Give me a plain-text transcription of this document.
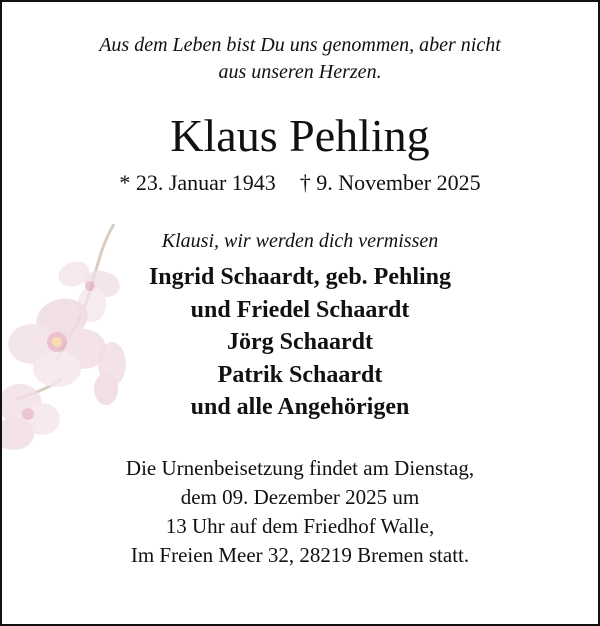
Aus dem Leben bist Du uns genommen, aber nicht
aus unseren Herzen.
Klaus Pehling
* 23. Januar 1943 † 9. November 2025
Klausi, wir werden dich vermissen
Ingrid Schaardt, geb. Pehling
und Friedel Schaardt
Jörg Schaardt
Patrik Schaardt
und alle Angehörigen
Die Urnenbeisetzung findet am Dienstag,
dem 09. Dezember 2025 um
13 Uhr auf dem Friedhof Walle,
Im Freien Meer 32, 28219 Bremen statt.
